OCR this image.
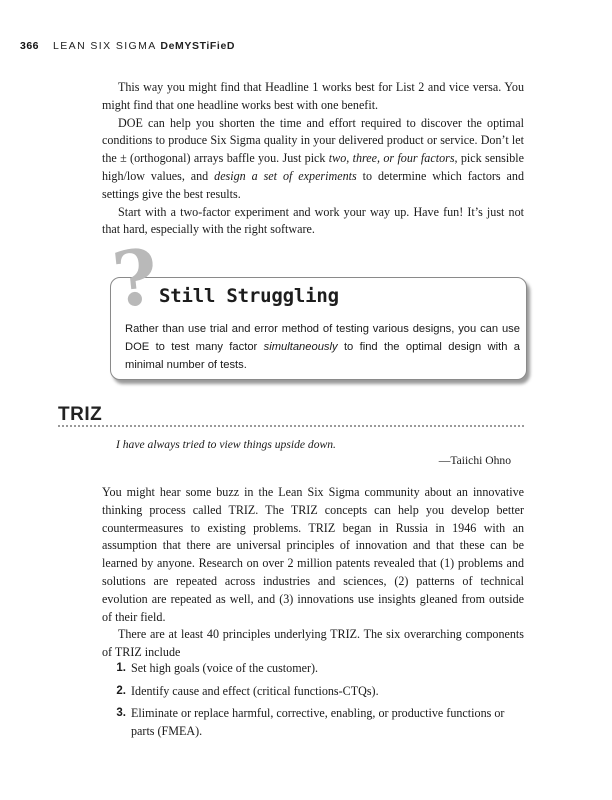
366 LEAN SIX SIGMA DeMYSTiFieD

This way you might find that Headline 1 works best for List 2 and vice versa. You might find that one headline works best with one benefit.

DOE can help you shorten the time and effort required to discover the optimal conditions to produce Six Sigma quality in your delivered product or service. Don’t let the ± (orthogonal) arrays baffle you. Just pick two, three, or four factors, pick sensible high/low values, and design a set of experiments to determine which factors and settings give the best results.

Start with a two-factor experiment and work your way up. Have fun! It’s just not that hard, especially with the right software.

?
Still Struggling
Rather than use trial and error method of testing various designs, you can use DOE to test many factor simultaneously to find the optimal design with a minimal number of tests.
TRIZ
I have always tried to view things upside down.
—Taiichi Ohno

You might hear some buzz in the Lean Six Sigma community about an innovative thinking process called TRIZ. The TRIZ concepts can help you develop better countermeasures to existing problems. TRIZ began in Russia in 1946 with an assumption that there are universal principles of innovation and that these can be learned by anyone. Research on over 2 million patents revealed that (1) problems and solutions are repeated across industries and sciences, (2) patterns of technical evolution are repeated as well, and (3) innovations use insights gleaned from outside of their field.

There are at least 40 principles underlying TRIZ. The six overarching components of TRIZ include

1. Set high goals (voice of the customer).
2. Identify cause and effect (critical functions-CTQs).
3. Eliminate or replace harmful, corrective, enabling, or productive functions or parts (FMEA).
